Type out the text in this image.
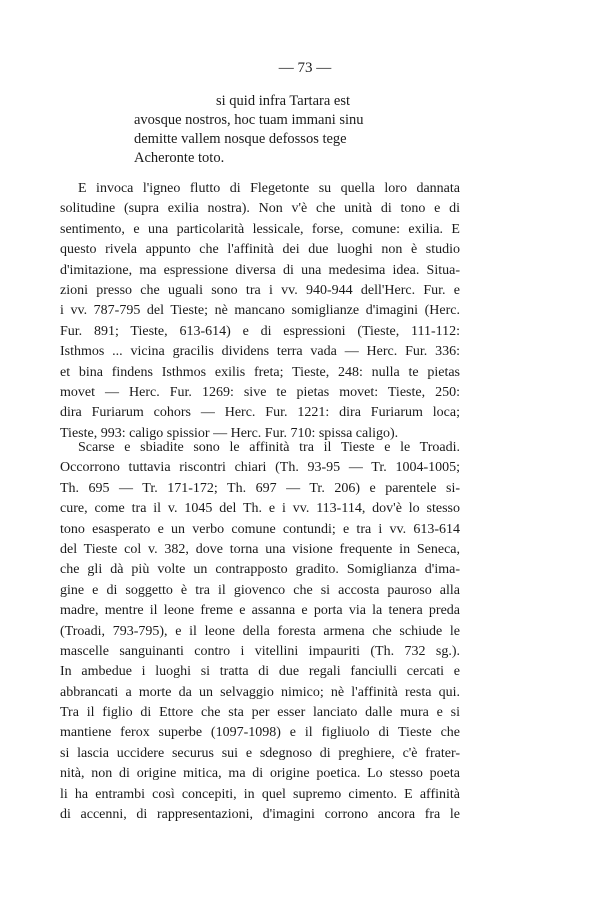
— 73 —
si quid infra Tartara est
avosque nostros, hoc tuam immani sinu
demitte vallem nosque defossos tege
Acheronte toto.
E invoca l'igneo flutto di Flegetonte su quella loro dannata
solitudine (supra exilia nostra). Non v'è che unità di tono e di
sentimento, e una particolarità lessicale, forse, comune: exilia. E
questo rivela appunto che l'affinità dei due luoghi non è studio
d'imitazione, ma espressione diversa di una medesima idea. Situa-
zioni presso che uguali sono tra i vv. 940-944 dell'Herc. Fur. e
i vv. 787-795 del Tieste; nè mancano somiglianze d'imagini (Herc.
Fur. 891; Tieste, 613-614) e di espressioni (Tieste, 111-112:
Isthmos ... vicina gracilis dividens terra vada — Herc. Fur. 336:
et bina findens Isthmos exilis freta; Tieste, 248: nulla te pietas
movet — Herc. Fur. 1269: sive te pietas movet: Tieste, 250:
dira Furiarum cohors — Herc. Fur. 1221: dira Furiarum loca;
Tieste, 993: caligo spissior — Herc. Fur. 710: spissa caligo).
Scarse e sbiadite sono le affinità tra il Tieste e le Troadi.
Occorrono tuttavia riscontri chiari (Th. 93-95 — Tr. 1004-1005;
Th. 695 — Tr. 171-172; Th. 697 — Tr. 206) e parentele si-
cure, come tra il v. 1045 del Th. e i vv. 113-114, dov'è lo stesso
tono esasperato e un verbo comune contundi; e tra i vv. 613-614
del Tieste col v. 382, dove torna una visione frequente in Seneca,
che gli dà più volte un contrapposto gradito. Somiglianza d'ima-
gine e di soggetto è tra il giovenco che si accosta pauroso alla
madre, mentre il leone freme e assanna e porta via la tenera preda
(Troadi, 793-795), e il leone della foresta armena che schiude le
mascelle sanguinanti contro i vitellini impauriti (Th. 732 sg.).
In ambedue i luoghi si tratta di due regali fanciulli cercati e
abbrancati a morte da un selvaggio nimico; nè l'affinità resta qui.
Tra il figlio di Ettore che sta per esser lanciato dalle mura e si
mantiene ferox superbe (1097-1098) e il figliuolo di Tieste che
si lascia uccidere securus sui e sdegnoso di preghiere, c'è frater-
nità, non di origine mitica, ma di origine poetica. Lo stesso poeta
li ha entrambi così concepiti, in quel supremo cimento. E affinità
di accenni, di rappresentazioni, d'imagini corrono ancora fra le
